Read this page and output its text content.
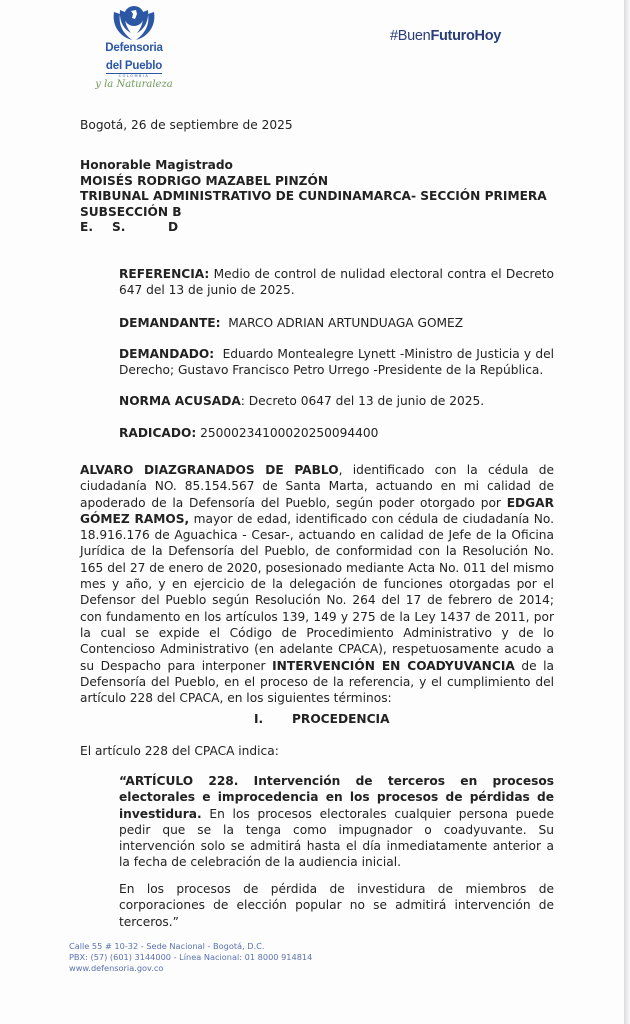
Defensoria
del Pueblo
COLOMBIA
y la Naturaleza
#BuenFuturoHoy
Bogotá, 26 de septiembre de 2025
Honorable Magistrado
MOISÉS RODRIGO MAZABEL PINZÓN
TRIBUNAL ADMINISTRATIVO DE CUNDINAMARCA- SECCIÓN PRIMERA
SUBSECCIÓN B
E. S.	D
REFERENCIA: Medio de control de nulidad electoral contra el Decreto 647 del 13 de junio de 2025.
DEMANDANTE:  MARCO ADRIAN ARTUNDUAGA GOMEZ
DEMANDADO:  Eduardo Montealegre Lynett -Ministro de Justicia y del Derecho; Gustavo Francisco Petro Urrego -Presidente de la República.
NORMA ACUSADA: Decreto 0647 del 13 de junio de 2025.
RADICADO: 25000234100020250094400
ALVARO DIAZGRANADOS DE PABLO, identificado con la cédula de ciudadanía NO. 85.154.567 de Santa Marta, actuando en mi calidad de apoderado de la Defensoría del Pueblo, según poder otorgado por EDGAR GÓMEZ RAMOS, mayor de edad, identificado con cédula de ciudadanía No. 18.916.176 de Aguachica - Cesar-, actuando en calidad de Jefe de la Oficina Jurídica de la Defensoría del Pueblo, de conformidad con la Resolución No. 165 del 27 de enero de 2020, posesionado mediante Acta No. 011 del mismo mes y año, y en ejercicio de la delegación de funciones otorgadas por el Defensor del Pueblo según Resolución No. 264 del 17 de febrero de 2014; con fundamento en los artículos 139, 149 y 275 de la Ley 1437 de 2011, por la cual se expide el Código de Procedimiento Administrativo y de lo Contencioso Administrativo (en adelante CPACA), respetuosamente acudo a su Despacho para interponer INTERVENCIÓN EN COADYUVANCIA de la Defensoría del Pueblo, en el proceso de la referencia, y el cumplimiento del artículo 228 del CPACA, en los siguientes términos:
I. PROCEDENCIA
El artículo 228 del CPACA indica:
“ARTÍCULO 228. Intervención de terceros en procesos electorales e improcedencia en los procesos de pérdidas de investidura. En los procesos electorales cualquier persona puede pedir que se la tenga como impugnador o coadyuvante. Su intervención solo se admitirá hasta el día inmediatamente anterior a la fecha de celebración de la audiencia inicial.
En los procesos de pérdida de investidura de miembros de corporaciones de elección popular no se admitirá intervención de terceros.”
Calle 55 # 10-32 - Sede Nacional - Bogotá, D.C.
PBX: (57) (601) 3144000 - Línea Nacional: 01 8000 914814
www.defensoria.gov.co
